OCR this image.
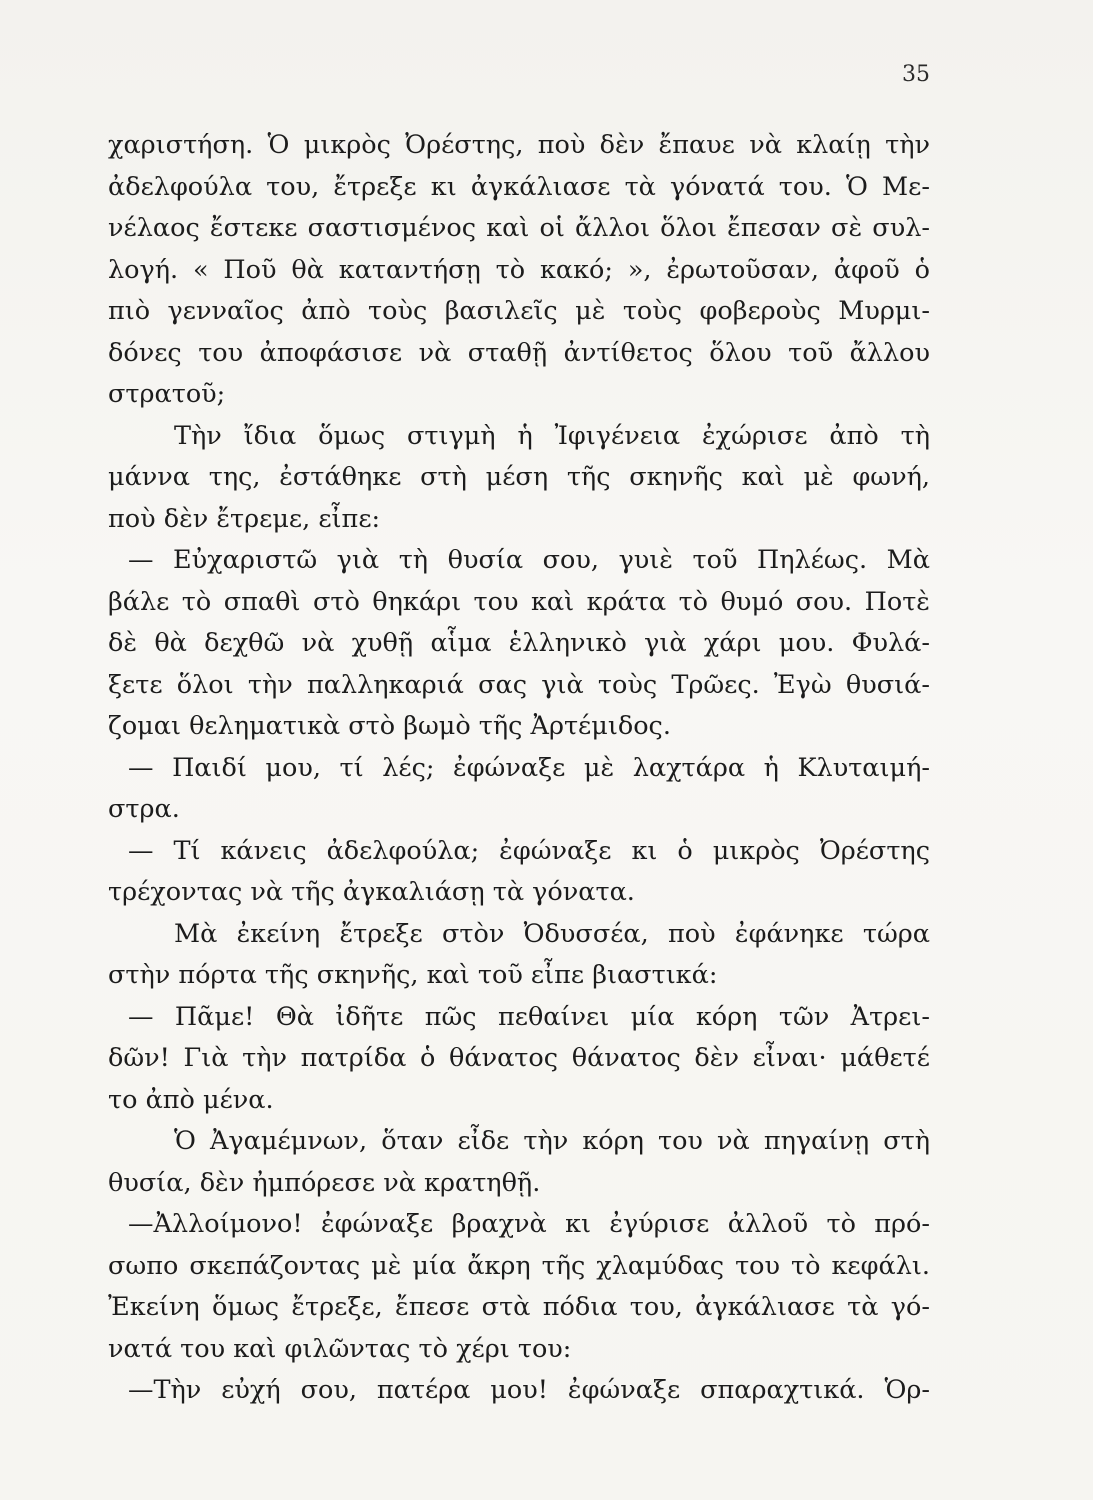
35
χαριστήση. Ὁ μικρὸς Ὀρέστης, ποὺ δὲν ἔπαυε νὰ κλαίῃ τὴν
ἀδελφούλα του, ἔτρεξε κι ἀγκάλιασε τὰ γόνατά του. Ὁ Με-
νέλαος ἔστεκε σαστισμένος καὶ οἱ ἄλλοι ὅλοι ἔπεσαν σὲ συλ-
λογή. « Ποῦ θὰ καταντήσῃ τὸ κακό; », ἐρωτοῦσαν, ἀφοῦ ὁ
πιὸ γενναῖος ἀπὸ τοὺς βασιλεῖς μὲ τοὺς φοβεροὺς Μυρμι-
δόνες του ἀποφάσισε νὰ σταθῇ ἀντίθετος ὅλου τοῦ ἄλλου
στρατοῦ;
Τὴν ἴδια ὅμως στιγμὴ ἡ Ἰφιγένεια ἐχώρισε ἀπὸ τὴ
μάννα της, ἐστάθηκε στὴ μέση τῆς σκηνῆς καὶ μὲ φωνή,
ποὺ δὲν ἔτρεμε, εἶπε:
— Εὐχαριστῶ γιὰ τὴ θυσία σου, γυιὲ τοῦ Πηλέως. Μὰ
βάλε τὸ σπαθὶ στὸ θηκάρι του καὶ κράτα τὸ θυμό σου. Ποτὲ
δὲ θὰ δεχθῶ νὰ χυθῇ αἷμα ἑλληνικὸ γιὰ χάρι μου. Φυλά-
ξετε ὅλοι τὴν παλληκαριά σας γιὰ τοὺς Τρῶες. Ἐγὼ θυσιά-
ζομαι θεληματικὰ στὸ βωμὸ τῆς Ἀρτέμιδος.
— Παιδί μου, τί λές; ἐφώναξε μὲ λαχτάρα ἡ Κλυταιμή-
στρα.
— Τί κάνεις ἀδελφούλα; ἐφώναξε κι ὁ μικρὸς Ὀρέστης
τρέχοντας νὰ τῆς ἀγκαλιάσῃ τὰ γόνατα.
Μὰ ἐκείνη ἔτρεξε στὸν Ὀδυσσέα, ποὺ ἐφάνηκε τώρα
στὴν πόρτα τῆς σκηνῆς, καὶ τοῦ εἶπε βιαστικά:
— Πᾶμε! Θὰ ἰδῆτε πῶς πεθαίνει μία κόρη τῶν Ἀτρει-
δῶν! Γιὰ τὴν πατρίδα ὁ θάνατος θάνατος δὲν εἶναι· μάθετέ
το ἀπὸ μένα.
Ὁ Ἀγαμέμνων, ὅταν εἶδε τὴν κόρη του νὰ πηγαίνῃ στὴ
θυσία, δὲν ἠμπόρεσε νὰ κρατηθῇ.
—Ἀλλοίμονο! ἐφώναξε βραχνὰ κι ἐγύρισε ἀλλοῦ τὸ πρό-
σωπο σκεπάζοντας μὲ μία ἄκρη τῆς χλαμύδας του τὸ κεφάλι.
Ἐκείνη ὅμως ἔτρεξε, ἔπεσε στὰ πόδια του, ἀγκάλιασε τὰ γό-
νατά του καὶ φιλῶντας τὸ χέρι του:
—Τὴν εὐχή σου, πατέρα μου! ἐφώναξε σπαραχτικά. Ὁρ-
